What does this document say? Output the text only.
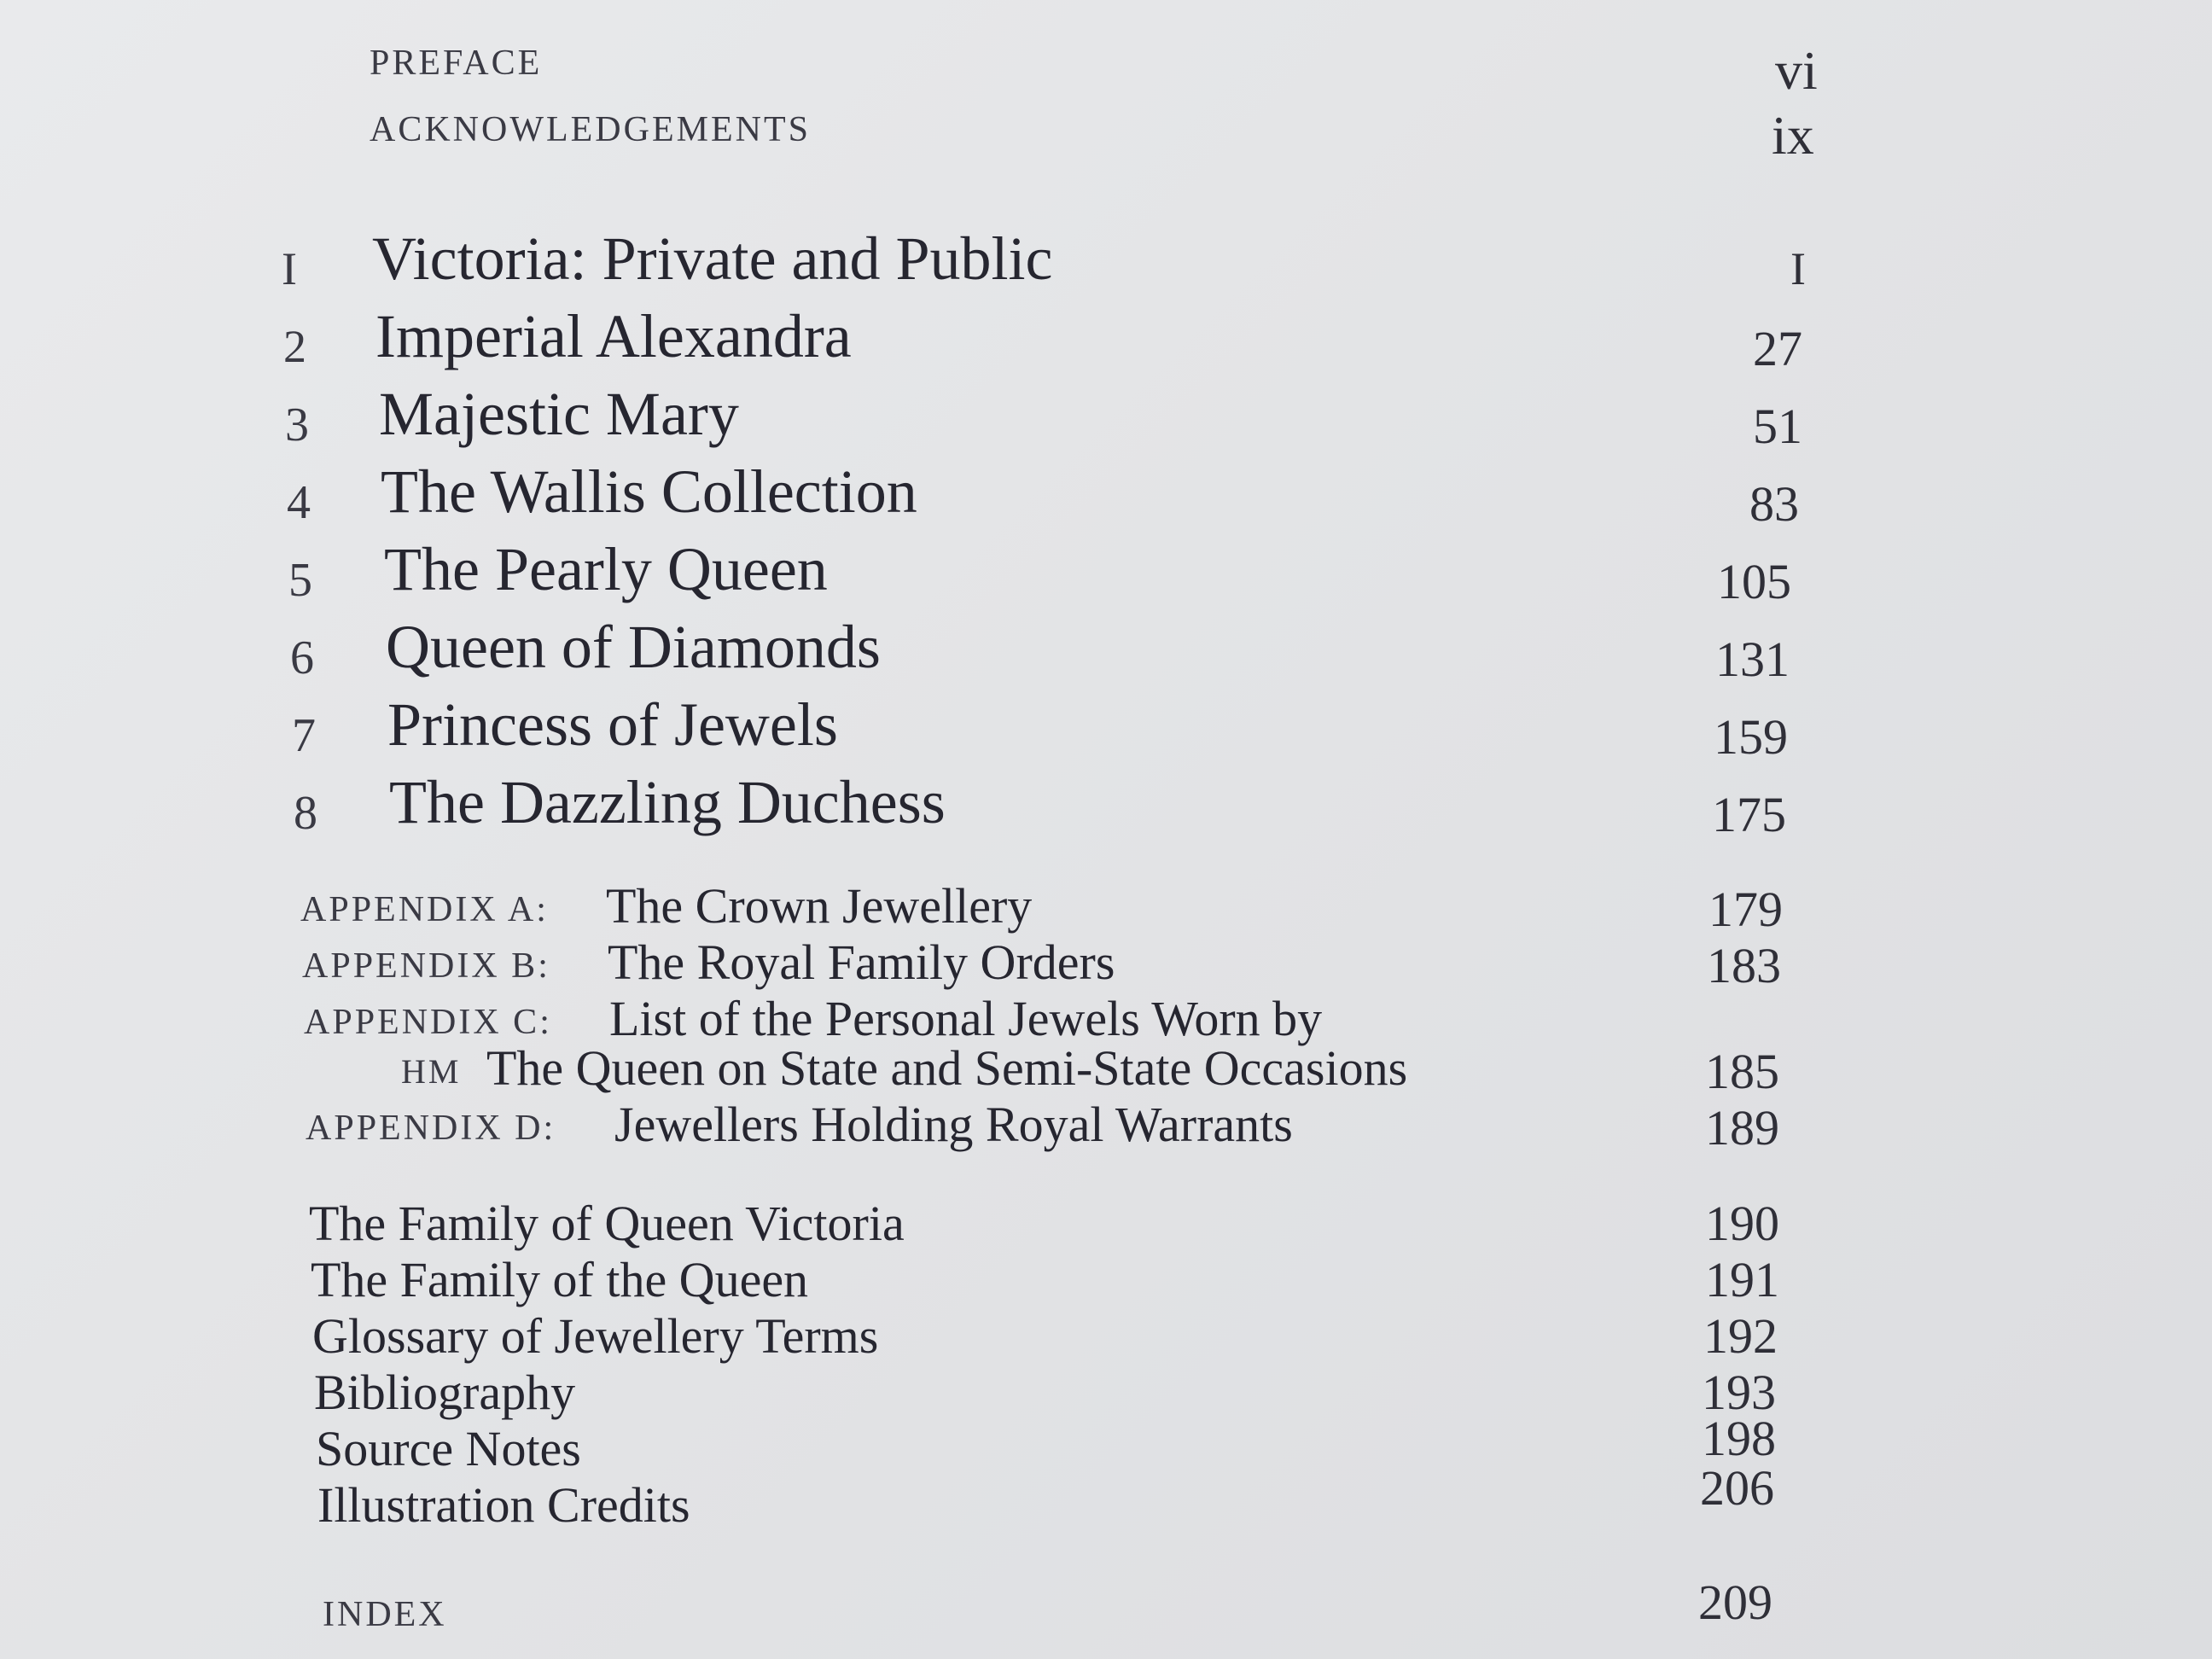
PREFACE	vi
ACKNOWLEDGEMENTS	ix
I Victoria: Private and Public	I
2 Imperial Alexandra	27
3 Majestic Mary	51
4 The Wallis Collection	83
5 The Pearly Queen	105
6 Queen of Diamonds	131
7 Princess of Jewels	159
8 The Dazzling Duchess	175
APPENDIX A: The Crown Jewellery	179
APPENDIX B: The Royal Family Orders	183
APPENDIX C: List of the Personal Jewels Worn by
HM The Queen on State and Semi-State Occasions	185
APPENDIX D: Jewellers Holding Royal Warrants	189
The Family of Queen Victoria	190
The Family of the Queen	191
Glossary of Jewellery Terms	192
Bibliography	193
Source Notes	198
Illustration Credits	206
INDEX	209
